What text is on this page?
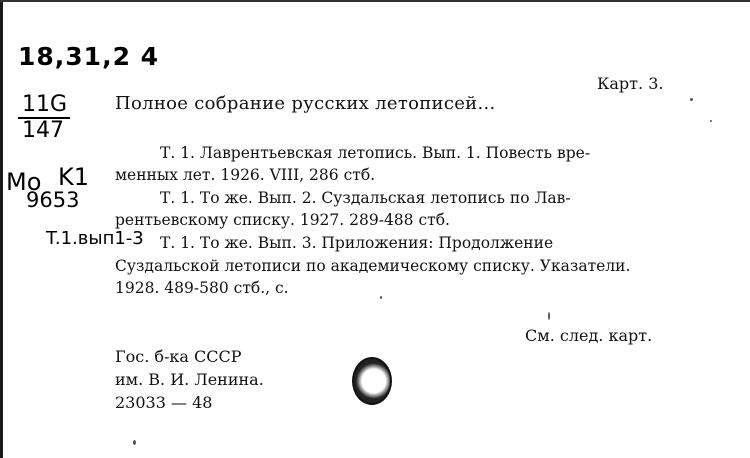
18,31,2 4
11G
147
Mo K1
9653
T.1.вып1-3
Карт. 3.
Полное собрание русских летописей...
Т. 1. Лаврентьевская летопись. Вып. 1. Повесть вре-
менных лет. 1926. VIII, 286 стб.
Т. 1. То же. Вып. 2. Суздальская летопись по Лав-
рентьевскому списку. 1927. 289-488 стб.
Т. 1. То же. Вып. 3. Приложения: Продолжение
Суздальской летописи по академическому списку. Указатели.
1928. 489-580 стб., с.
См. след. карт.
Гос. б-ка СССР
им. В. И. Ленина.
23033 — 48
